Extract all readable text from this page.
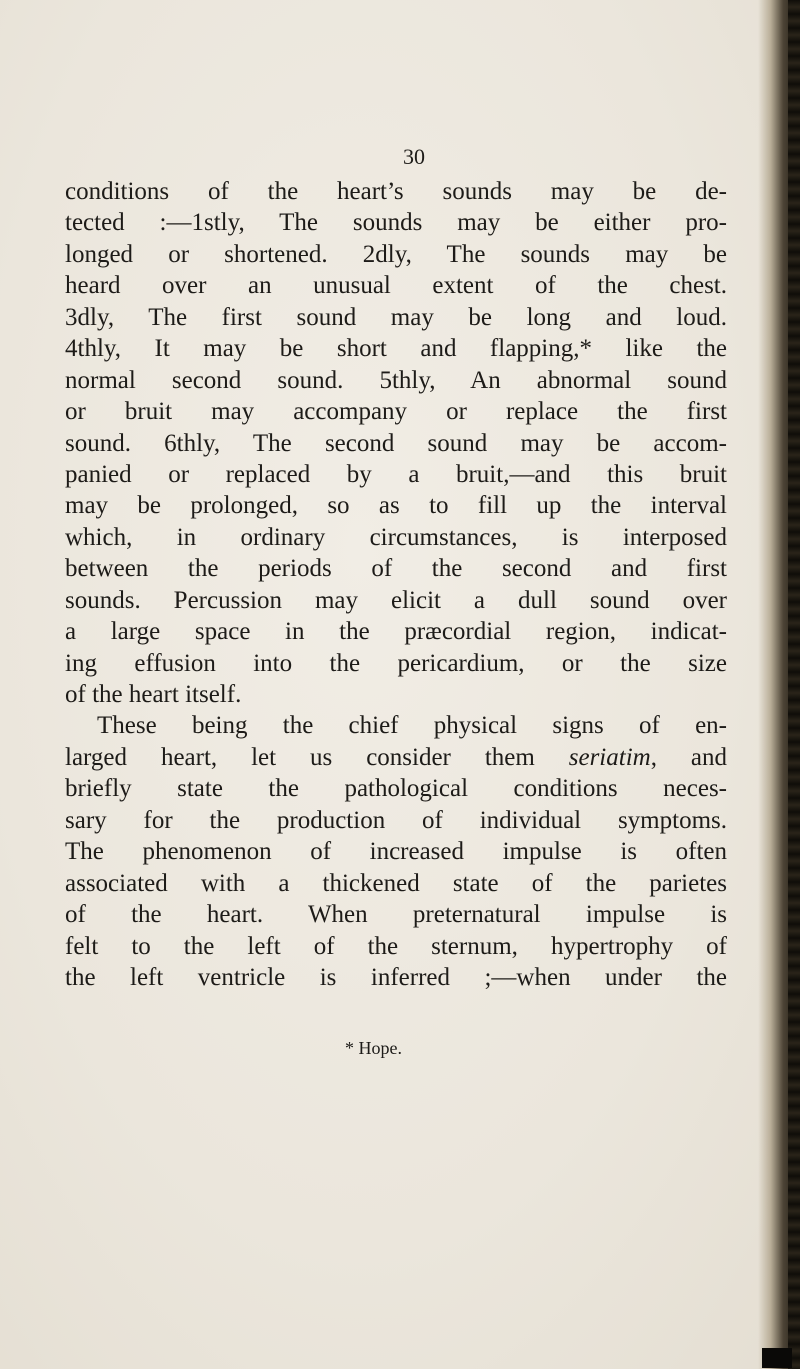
30
conditions of the heart’s sounds may be de-
tected :—1stly, The sounds may be either pro-
longed or shortened. 2dly, The sounds may be
heard over an unusual extent of the chest.
3dly, The first sound may be long and loud.
4thly, It may be short and flapping,* like the
normal second sound. 5thly, An abnormal sound
or bruit may accompany or replace the first
sound. 6thly, The second sound may be accom-
panied or replaced by a bruit,—and this bruit
may be prolonged, so as to fill up the interval
which, in ordinary circumstances, is interposed
between the periods of the second and first
sounds. Percussion may elicit a dull sound over
a large space in the præcordial region, indicat-
ing effusion into the pericardium, or the size
of the heart itself.
These being the chief physical signs of en-
larged heart, let us consider them seriatim, and
briefly state the pathological conditions neces-
sary for the production of individual symptoms.
The phenomenon of increased impulse is often
associated with a thickened state of the parietes
of the heart. When preternatural impulse is
felt to the left of the sternum, hypertrophy of
the left ventricle is inferred ;—when under the
* Hope.
